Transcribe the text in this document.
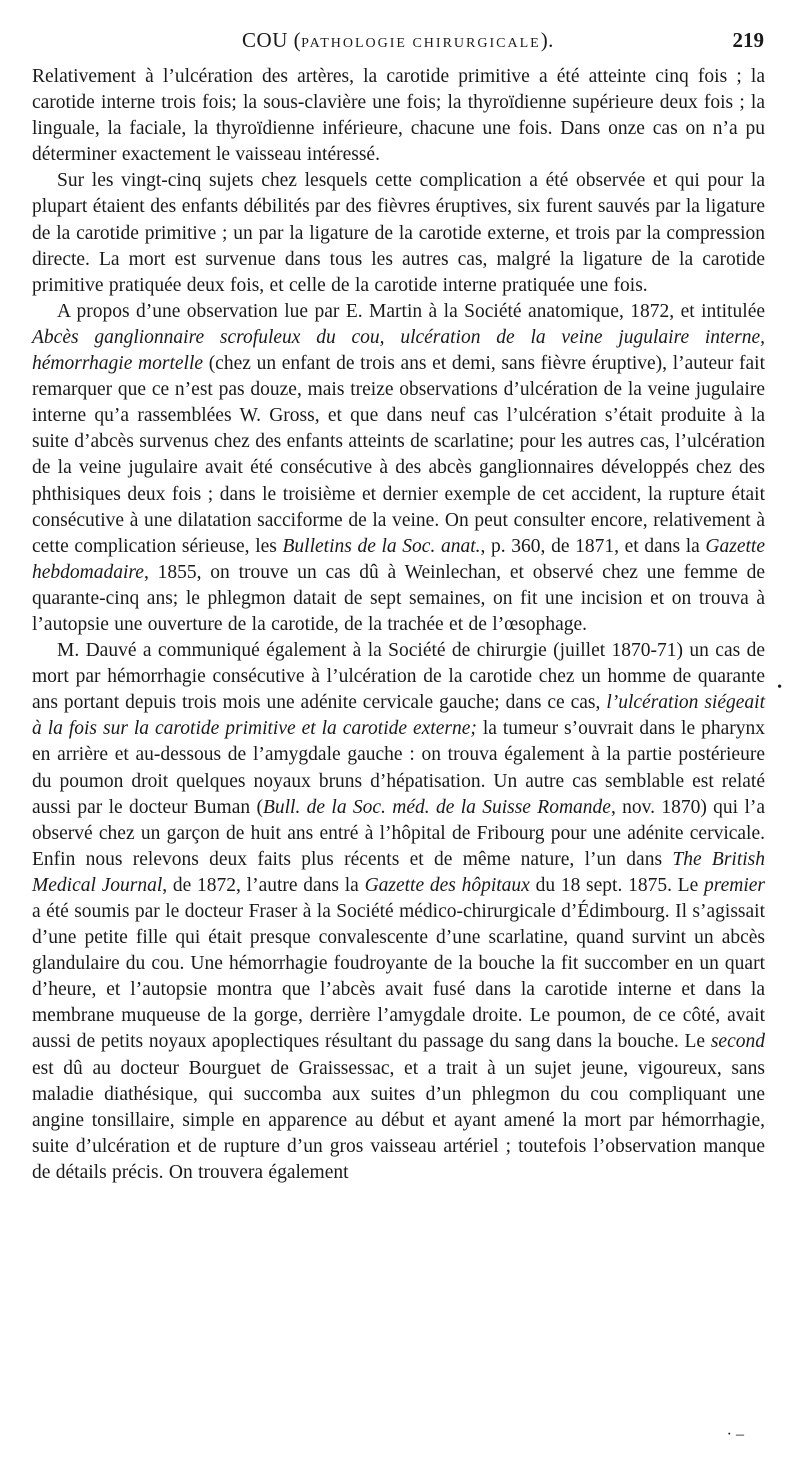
COU (PATHOLOGIE CHIRURGICALE).	219

Relativement à l’ulcération des artères, la carotide primitive a été atteinte cinq fois ; la carotide interne trois fois; la sous-clavière une fois; la thyroïdienne supérieure deux fois ; la linguale, la faciale, la thyroïdienne inférieure, chacune une fois. Dans onze cas on n’a pu déterminer exactement le vaisseau intéressé.

Sur les vingt-cinq sujets chez lesquels cette complication a été observée et qui pour la plupart étaient des enfants débilités par des fièvres éruptives, six furent sauvés par la ligature de la carotide primitive ; un par la ligature de la carotide externe, et trois par la compression directe. La mort est survenue dans tous les autres cas, malgré la ligature de la carotide primitive pratiquée deux fois, et celle de la carotide interne pratiquée une fois.

A propos d’une observation lue par E. Martin à la Société anatomique, 1872, et intitulée Abcès ganglionnaire scrofuleux du cou, ulcération de la veine jugulaire interne, hémorrhagie mortelle (chez un enfant de trois ans et demi, sans fièvre éruptive), l’auteur fait remarquer que ce n’est pas douze, mais treize observations d’ulcération de la veine jugulaire interne qu’a rassemblées W. Gross, et que dans neuf cas l’ulcération s’était produite à la suite d’abcès survenus chez des enfants atteints de scarlatine; pour les autres cas, l’ulcération de la veine jugulaire avait été consécutive à des abcès ganglionnaires développés chez des phthisiques deux fois ; dans le troisième et dernier exemple de cet accident, la rupture était consécutive à une dilatation sacciforme de la veine. On peut consulter encore, relativement à cette complication sérieuse, les Bulletins de la Soc. anat., p. 360, de 1871, et dans la Gazette hebdomadaire, 1855, on trouve un cas dû à Weinlechan, et observé chez une femme de quarante-cinq ans; le phlegmon datait de sept semaines, on fit une incision et on trouva à l’autopsie une ouverture de la carotide, de la trachée et de l’œsophage.

M. Dauvé a communiqué également à la Société de chirurgie (juillet 1870-71) un cas de mort par hémorrhagie consécutive à l’ulcération de la carotide chez un homme de quarante ans portant depuis trois mois une adénite cervicale gauche; dans ce cas, l’ulcération siégeait à la fois sur la carotide primitive et la carotide externe; la tumeur s’ouvrait dans le pharynx en arrière et au-dessous de l’amygdale gauche : on trouva également à la partie postérieure du poumon droit quelques noyaux bruns d’hépatisation. Un autre cas semblable est relaté aussi par le docteur Buman (Bull. de la Soc. méd. de la Suisse Romande, nov. 1870) qui l’a observé chez un garçon de huit ans entré à l’hôpital de Fribourg pour une adénite cervicale. Enfin nous relevons deux faits plus récents et de même nature, l’un dans The British Medical Journal, de 1872, l’autre dans la Gazette des hôpitaux du 18 sept. 1875. Le premier a été soumis par le docteur Fraser à la Société médico-chirurgicale d’Édimbourg. Il s’agissait d’une petite fille qui était presque convalescente d’une scarlatine, quand survint un abcès glandulaire du cou. Une hémorrhagie foudroyante de la bouche la fit succomber en un quart d’heure, et l’autopsie montra que l’abcès avait fusé dans la carotide interne et dans la membrane muqueuse de la gorge, derrière l’amygdale droite. Le poumon, de ce côté, avait aussi de petits noyaux apoplectiques résultant du passage du sang dans la bouche. Le second est dû au docteur Bourguet de Graissessac, et a trait à un sujet jeune, vigoureux, sans maladie diathésique, qui succomba aux suites d’un phlegmon du cou compliquant une angine tonsillaire, simple en apparence au début et ayant amené la mort par hémorrhagie, suite d’ulcération et de rupture d’un gros vaisseau artériel ; toutefois l’observation manque de détails précis. On trouvera également

•
· –
